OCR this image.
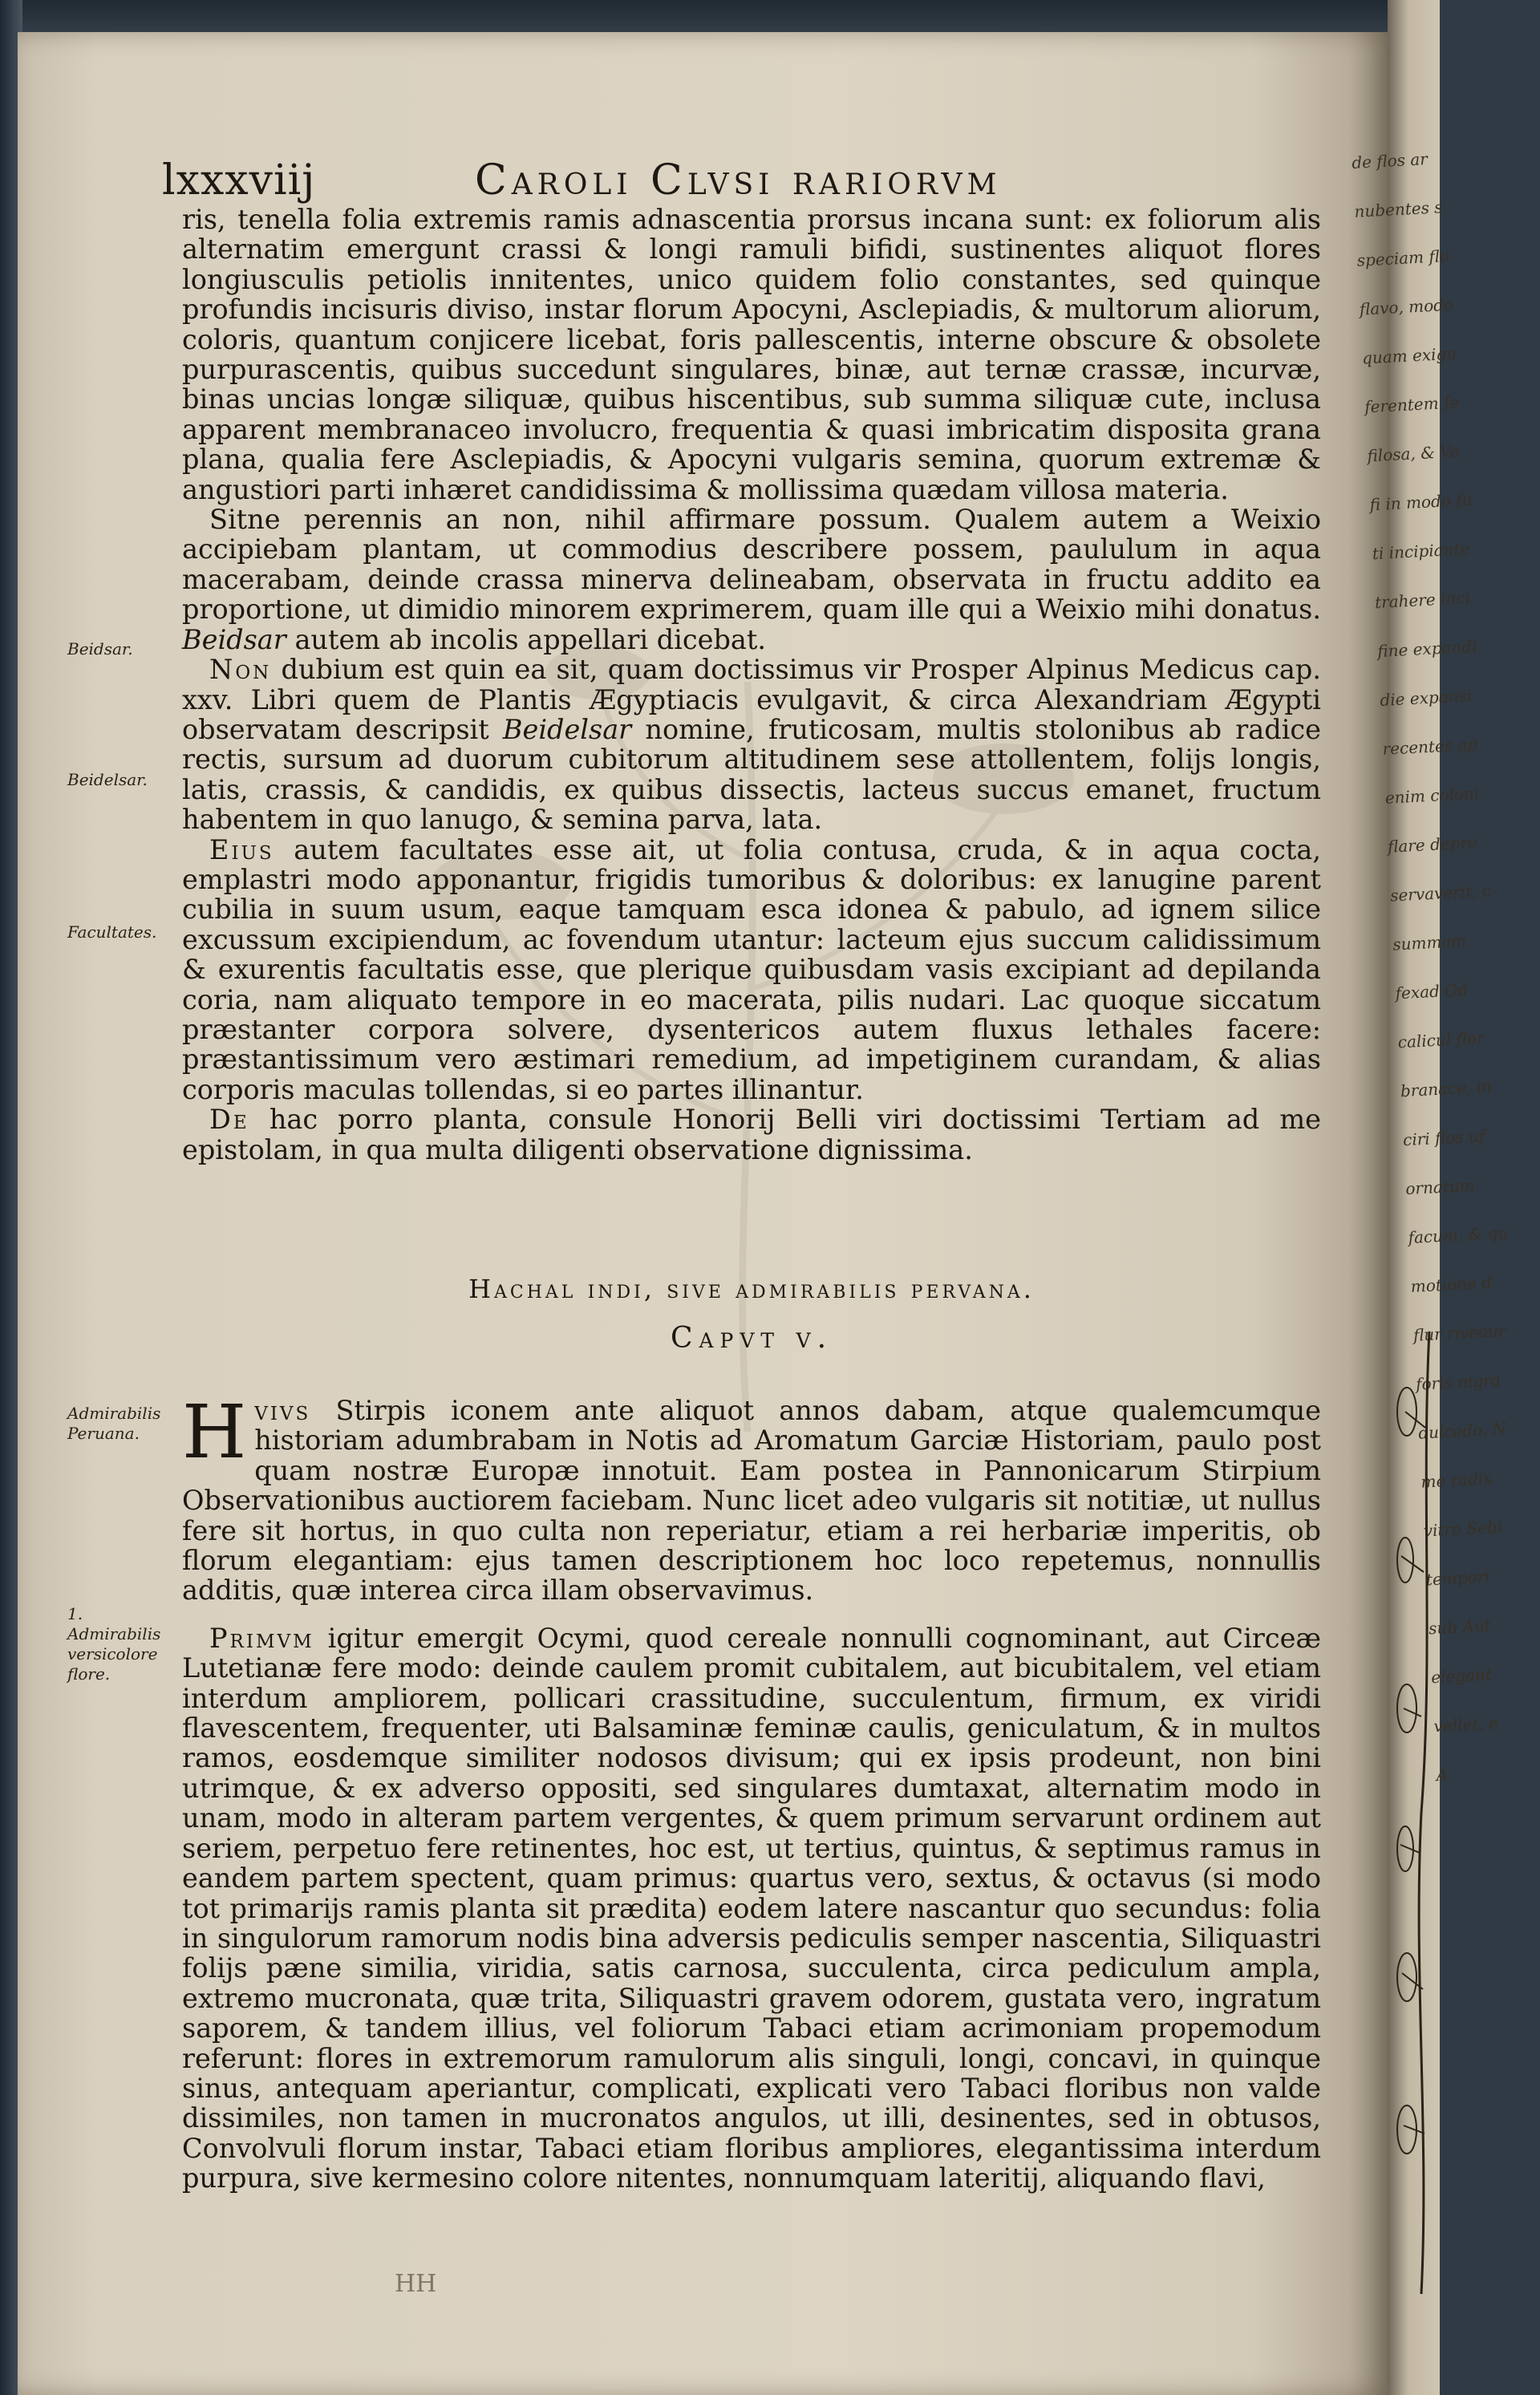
lxxxviij	Caroli Clvsi rariorvm
Beidsar.
Beidelsar.
Facultates.
Admirabilis Peruana.
1.
Admirabilis versicolore flore.

ris, tenella folia extremis ramis adnascentia prorsus incana sunt: ex foliorum alis alternatim emergunt crassi & longi ramuli bifidi, sustinentes aliquot flores longiusculis petiolis innitentes, unico quidem folio constantes, sed quinque profundis incisuris diviso, instar florum Apocyni, Asclepiadis, & multorum aliorum, coloris, quantum conjicere licebat, foris pallescentis, interne obscure & obsolete purpurascentis, quibus succedunt singulares, binæ, aut ternæ crassæ, incurvæ, binas uncias longæ siliquæ, quibus hiscentibus, sub summa siliquæ cute, inclusa apparent membranaceo involucro, frequentia & quasi imbricatim disposita grana plana, qualia fere Asclepiadis, & Apocyni vulgaris semina, quorum extremæ & angustiori parti inhæret candidissima & mollissima quædam villosa materia.

Sitne perennis an non, nihil affirmare possum. Qualem autem a Weixio accipiebam plantam, ut commodius describere possem, paululum in aqua macerabam, deinde crassa minerva delineabam, observata in fructu addito ea proportione, ut dimidio minorem exprimerem, quam ille qui a Weixio mihi donatus. Beidsar autem ab incolis appellari dicebat.

Non dubium est quin ea sit, quam doctissimus vir Prosper Alpinus Medicus cap. xxv. Libri quem de Plantis Ægyptiacis evulgavit, & circa Alexandriam Ægypti observatam descripsit Beidelsar nomine, fruticosam, multis stolonibus ab radice rectis, sursum ad duorum cubitorum altitudinem sese attollentem, folijs longis, latis, crassis, & candidis, ex quibus dissectis, lacteus succus emanet, fructum habentem in quo lanugo, & semina parva, lata.

Eius autem facultates esse ait, ut folia contusa, cruda, & in aqua cocta, emplastri modo apponantur, frigidis tumoribus & doloribus: ex lanugine parent cubilia in suum usum, eaque tamquam esca idonea & pabulo, ad ignem silice excussum excipiendum, ac fovendum utantur: lacteum ejus succum calidissimum & exurentis facultatis esse, que plerique quibusdam vasis excipiant ad depilanda coria, nam aliquato tempore in eo macerata, pilis nudari. Lac quoque siccatum præstanter corpora solvere, dysentericos autem fluxus lethales facere: præstantissimum vero æstimari remedium, ad impetiginem curandam, & alias corporis maculas tollendas, si eo partes illinantur.

De hac porro planta, consule Honorij Belli viri doctissimi Tertiam ad me epistolam, in qua multa diligenti observatione dignissima.

Hachal indi, sive admirabilis pervana.
Capvt v.

H vivs Stirpis iconem ante aliquot annos dabam, atque qualemcumque historiam adumbrabam in Notis ad Aromatum Garciæ Historiam, paulo post quam nostræ Europæ innotuit. Eam postea in Pannonicarum Stirpium Observationibus auctiorem faciebam. Nunc licet adeo vulgaris sit notitiæ, ut nullus fere sit hortus, in quo culta non reperiatur, etiam a rei herbariæ imperitis, ob florum elegantiam: ejus tamen descriptionem hoc loco repetemus, nonnullis additis, quæ interea circa illam observavimus.

Primvm igitur emergit Ocymi, quod cereale nonnulli cognominant, aut Circeæ Lutetianæ fere modo: deinde caulem promit cubitalem, aut bicubitalem, vel etiam interdum ampliorem, pollicari crassitudine, succulentum, firmum, ex viridi flavescentem, frequenter, uti Balsaminæ feminæ caulis, geniculatum, & in multos ramos, eosdemque similiter nodosos divisum; qui ex ipsis prodeunt, non bini utrimque, & ex adverso oppositi, sed singulares dumtaxat, alternatim modo in unam, modo in alteram partem vergentes, & quem primum servarunt ordinem aut seriem, perpetuo fere retinentes, hoc est, ut tertius, quintus, & septimus ramus in eandem partem spectent, quam primus: quartus vero, sextus, & octavus (si modo tot primarijs ramis planta sit prædita) eodem latere nascantur quo secundus: folia in singulorum ramorum nodis bina adversis pediculis semper nascentia, Siliquastri folijs pæne similia, viridia, satis carnosa, succulenta, circa pediculum ampla, extremo mucronata, quæ trita, Siliquastri gravem odorem, gustata vero, ingratum saporem, & tandem illius, vel foliorum Tabaci etiam acrimoniam propemodum referunt: flores in extremorum ramulorum alis singuli, longi, concavi, in quinque sinus, antequam aperiantur, complicati, explicati vero Tabaci floribus non valde dissimiles, non tamen in mucronatos angulos, ut illi, desinentes, sed in obtusos, Convolvuli florum instar, Tabaci etiam floribus ampliores, elegantissima interdum purpura, sive kermesino colore nitentes, nonnumquam lateritij, aliquando flavi,

HH
de flos ar
nubentes s
speciam flo
flavo, modo
quam exigu
ferentem fe
filosa, & Va
fi in modo fu
ti incipiante
trahere inci
fine expandi
die expansi
recentes ap
enim coloni
flare depre
servaverit, c
summam
fexad Od
calicul flor
branace, in
ciri flos uf
ornatum
facum, & qu
motione d
flur riveaur
foris nigra
dulcedo. N
me radix
vitro Sebi
tempori
sub Aut
elegant
vellet, e
A
